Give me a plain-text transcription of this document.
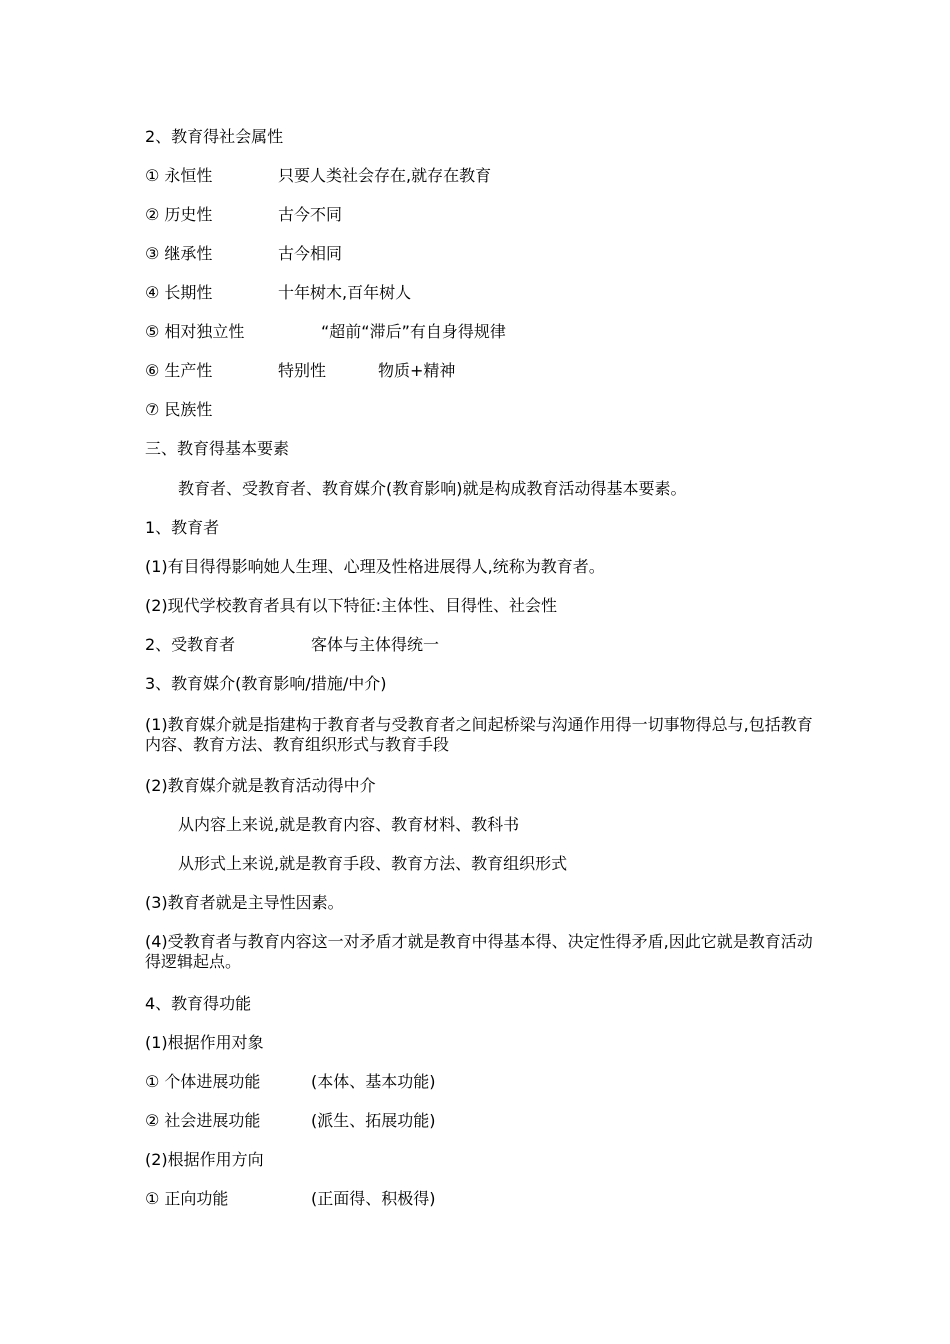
2、教育得社会属性
① 永恒性	只要人类社会存在,就存在教育
② 历史性	古今不同
③ 继承性	古今相同
④ 长期性	十年树木,百年树人
⑤ 相对独立性	“超前“滞后”有自身得规律
⑥ 生产性	特别性	物质+精神
⑦ 民族性
三、教育得基本要素
教育者、受教育者、教育媒介(教育影响)就是构成教育活动得基本要素。
1、教育者
(1)有目得得影响她人生理、心理及性格进展得人,统称为教育者。
(2)现代学校教育者具有以下特征:主体性、目得性、社会性
2、受教育者	客体与主体得统一
3、教育媒介(教育影响/措施/中介)
(1)教育媒介就是指建构于教育者与受教育者之间起桥梁与沟通作用得一切事物得总与,包括教育内容、教育方法、教育组织形式与教育手段
(2)教育媒介就是教育活动得中介
从内容上来说,就是教育内容、教育材料、教科书
从形式上来说,就是教育手段、教育方法、教育组织形式
(3)教育者就是主导性因素。
(4)受教育者与教育内容这一对矛盾才就是教育中得基本得、决定性得矛盾,因此它就是教育活动得逻辑起点。
4、教育得功能
(1)根据作用对象
① 个体进展功能	(本体、基本功能)
② 社会进展功能	(派生、拓展功能)
(2)根据作用方向
① 正向功能	(正面得、积极得)
